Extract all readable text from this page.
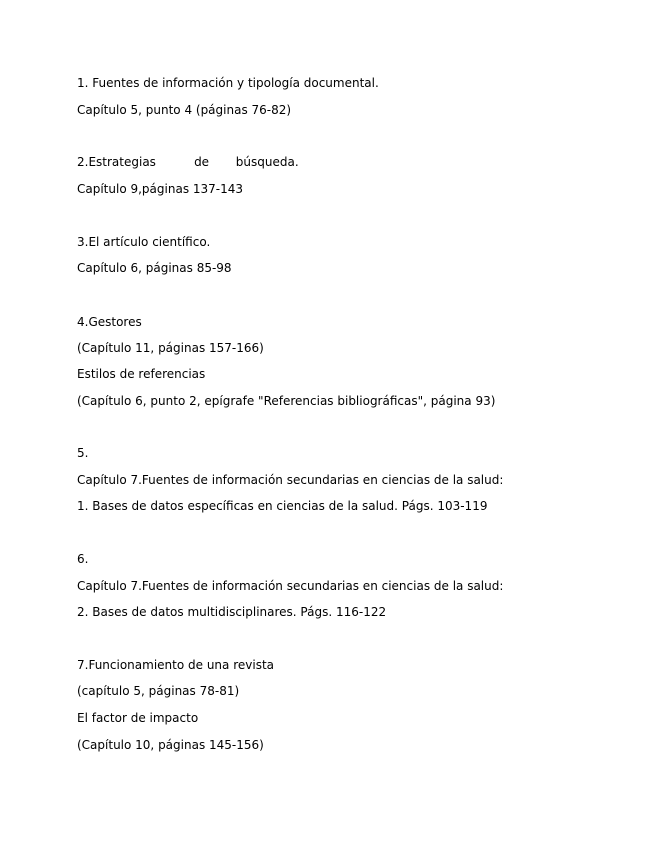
1. Fuentes de información y tipología documental.
Capítulo 5, punto 4 (páginas 76-82)
2.Estrategias          de       búsqueda.
Capítulo 9,páginas 137-143
3.El artículo científico.
Capítulo 6, páginas 85-98
4.Gestores
(Capítulo 11, páginas 157-166)
Estilos de referencias
(Capítulo 6, punto 2, epígrafe "Referencias bibliográficas", página 93)
5.
Capítulo 7.Fuentes de información secundarias en ciencias de la salud:
1. Bases de datos específicas en ciencias de la salud. Págs. 103-119
6.
Capítulo 7.Fuentes de información secundarias en ciencias de la salud:
2. Bases de datos multidisciplinares. Págs. 116-122
7.Funcionamiento de una revista
(capítulo 5, páginas 78-81)
El factor de impacto
(Capítulo 10, páginas 145-156)
